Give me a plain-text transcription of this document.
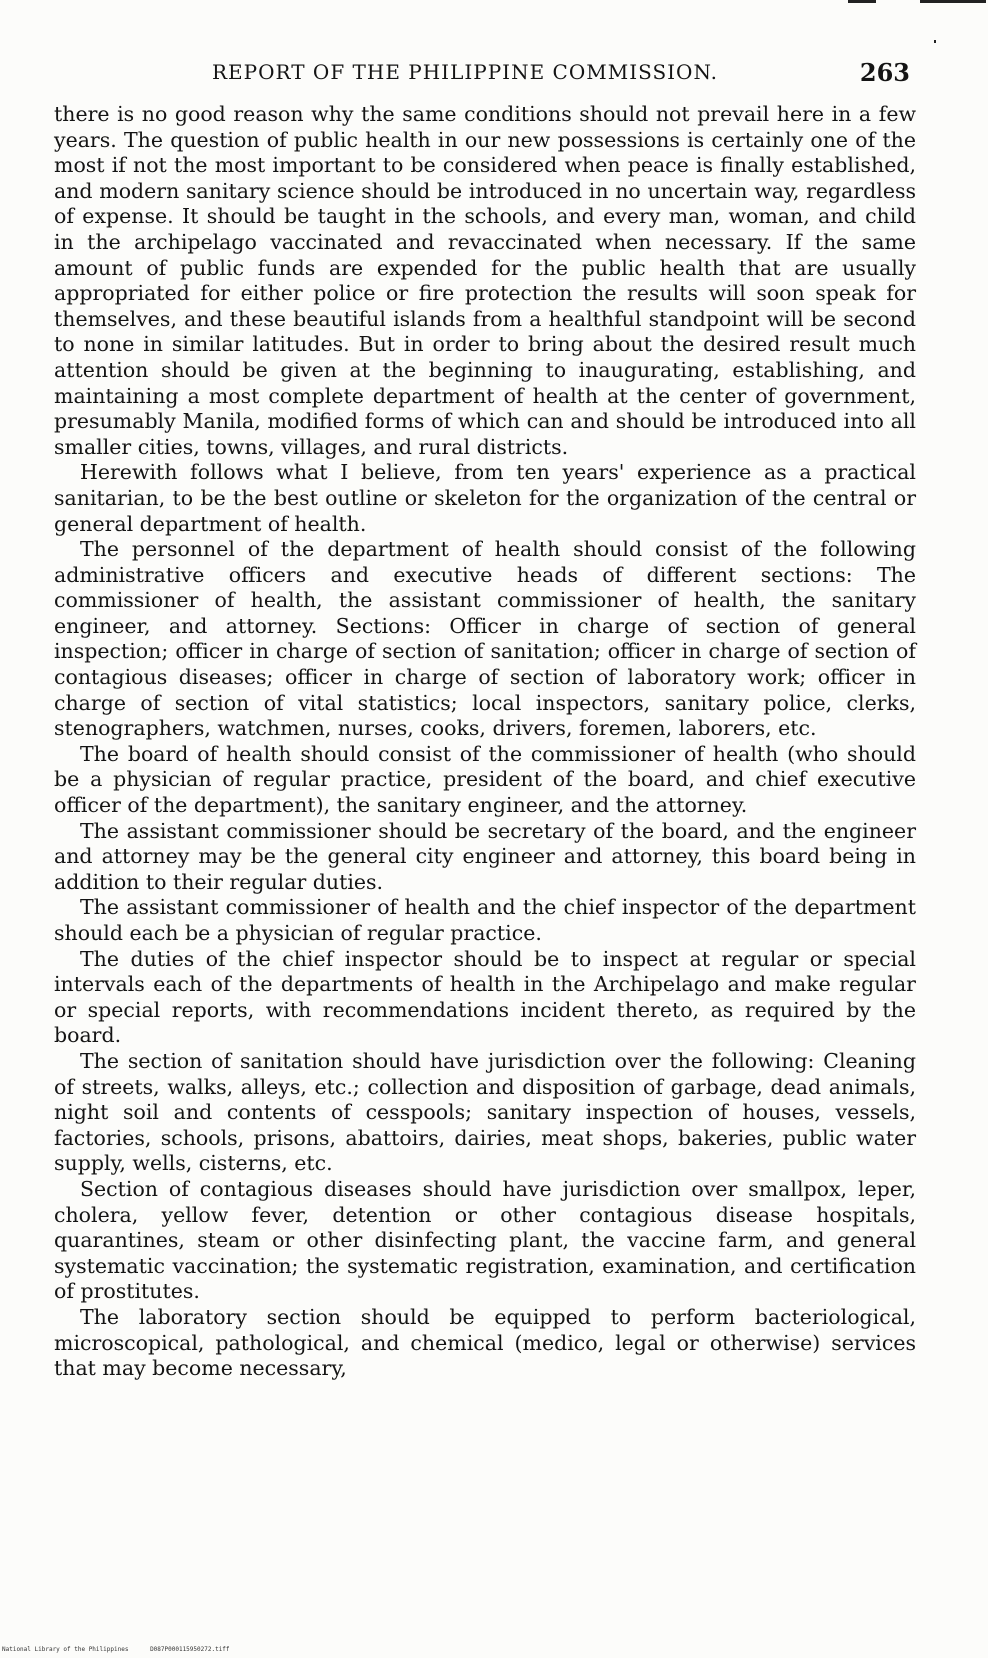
REPORT OF THE PHILIPPINE COMMISSION.	263

there is no good reason why the same conditions should not prevail here in a few years. The question of public health in our new possessions is certainly one of the most if not the most important to be considered when peace is finally established, and modern sanitary science should be introduced in no uncertain way, regardless of expense. It should be taught in the schools, and every man, woman, and child in the archipelago vaccinated and revaccinated when necessary. If the same amount of public funds are expended for the public health that are usually appropriated for either police or fire protection the results will soon speak for themselves, and these beautiful islands from a healthful standpoint will be second to none in similar latitudes. But in order to bring about the desired result much attention should be given at the beginning to inaugurating, establishing, and maintaining a most complete department of health at the center of government, presumably Manila, modified forms of which can and should be introduced into all smaller cities, towns, villages, and rural districts.

Herewith follows what I believe, from ten years' experience as a practical sanitarian, to be the best outline or skeleton for the organization of the central or general department of health.

The personnel of the department of health should consist of the following administrative officers and executive heads of different sections: The commissioner of health, the assistant commissioner of health, the sanitary engineer, and attorney. Sections: Officer in charge of section of general inspection; officer in charge of section of sanitation; officer in charge of section of contagious diseases; officer in charge of section of laboratory work; officer in charge of section of vital statistics; local inspectors, sanitary police, clerks, stenographers, watchmen, nurses, cooks, drivers, foremen, laborers, etc.

The board of health should consist of the commissioner of health (who should be a physician of regular practice, president of the board, and chief executive officer of the department), the sanitary engineer, and the attorney.

The assistant commissioner should be secretary of the board, and the engineer and attorney may be the general city engineer and attorney, this board being in addition to their regular duties.

The assistant commissioner of health and the chief inspector of the department should each be a physician of regular practice.

The duties of the chief inspector should be to inspect at regular or special intervals each of the departments of health in the Archipelago and make regular or special reports, with recommendations incident thereto, as required by the board.

The section of sanitation should have jurisdiction over the following: Cleaning of streets, walks, alleys, etc.; collection and disposition of garbage, dead animals, night soil and contents of cesspools; sanitary inspection of houses, vessels, factories, schools, prisons, abattoirs, dairies, meat shops, bakeries, public water supply, wells, cisterns, etc.

Section of contagious diseases should have jurisdiction over smallpox, leper, cholera, yellow fever, detention or other contagious disease hospitals, quarantines, steam or other disinfecting plant, the vaccine farm, and general systematic vaccination; the systematic registration, examination, and certification of prostitutes.

The laboratory section should be equipped to perform bacteriological, microscopical, pathological, and chemical (medico, legal or otherwise) services that may become necessary,

National Library of the Philippines	D087P000115950272.tiff
